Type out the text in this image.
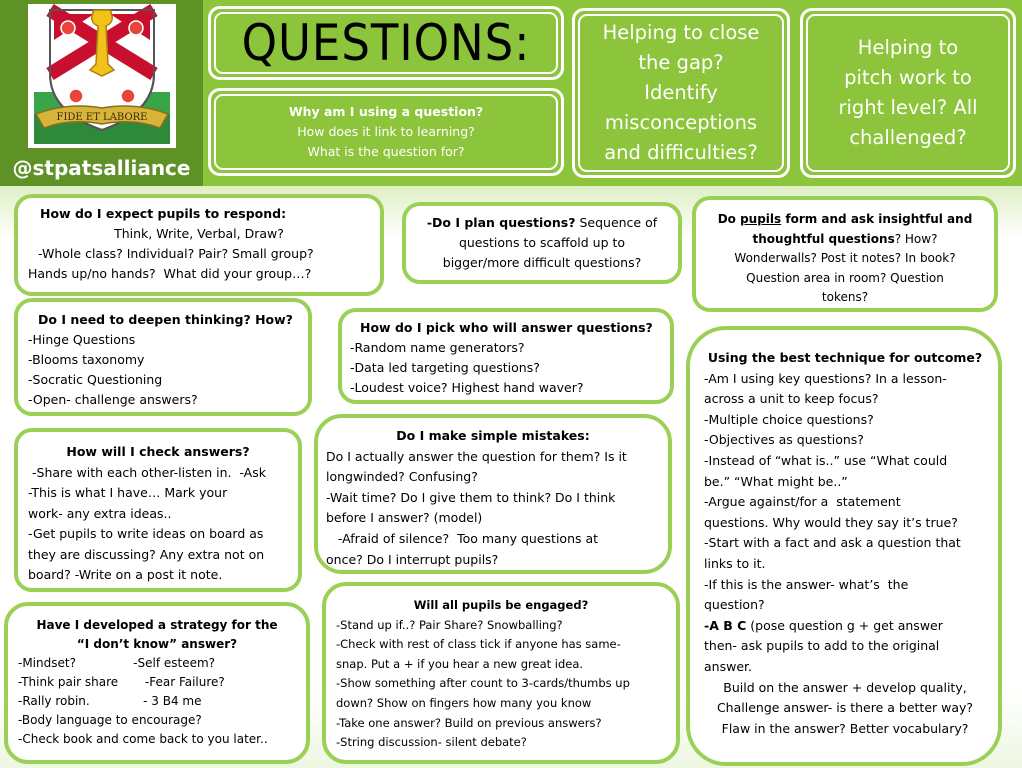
FIDE ET LABORE
@stpatsalliance
QUESTIONS:
Why am I using a question?
How does it link to learning?
What is the question for?
Helping to close
the gap?
Identify
misconceptions
and difficulties?
Helping to
pitch work to
right level? All
challenged?

How do I expect pupils to respond:

Think, Write, Verbal, Draw?

-Whole class? Individual? Pair? Small group?

Hands up/no hands?  What did your group…?

-Do I plan questions? Sequence of

questions to scaffold up to

bigger/more difficult questions?

Do pupils form and ask insightful and

thoughtful questions? How?

Wonderwalls? Post it notes? In book?

Question area in room? Question

tokens?

Do I need to deepen thinking? How?

-Hinge Questions

-Blooms taxonomy

-Socratic Questioning

-Open- challenge answers?

How do I pick who will answer questions?

-Random name generators?

-Data led targeting questions?

-Loudest voice? Highest hand waver?

Using the best technique for outcome?

-Am I using key questions? In a lesson-

across a unit to keep focus?

-Multiple choice questions?

-Objectives as questions?

-Instead of “what is..” use “What could

be.” “What might be..”

-Argue against/for a  statement

questions. Why would they say it’s true?

-Start with a fact and ask a question that

links to it.

-If this is the answer- what’s  the

question?

-A B C (pose question g + get answer

then- ask pupils to add to the original

answer.

Build on the answer + develop quality,

Challenge answer- is there a better way?

Flaw in the answer? Better vocabulary?

How will I check answers?

-Share with each other-listen in.  -Ask

-This is what I have… Mark your

work- any extra ideas..

-Get pupils to write ideas on board as

they are discussing? Any extra not on

board? -Write on a post it note.

Do I make simple mistakes:

Do I actually answer the question for them? Is it

longwinded? Confusing?

-Wait time? Do I give them to think? Do I think

before I answer? (model)

-Afraid of silence?  Too many questions at

once? Do I interrupt pupils?

Have I developed a strategy for the

“I don’t know” answer?

-Mindset?               -Self esteem?

-Think pair share       -Fear Failure?

-Rally robin.              - 3 B4 me

-Body language to encourage?

-Check book and come back to you later..

Will all pupils be engaged?

-Stand up if..? Pair Share? Snowballing?

-Check with rest of class tick if anyone has same-

snap. Put a + if you hear a new great idea.

-Show something after count to 3-cards/thumbs up

down? Show on fingers how many you know

-Take one answer? Build on previous answers?

-String discussion- silent debate?
